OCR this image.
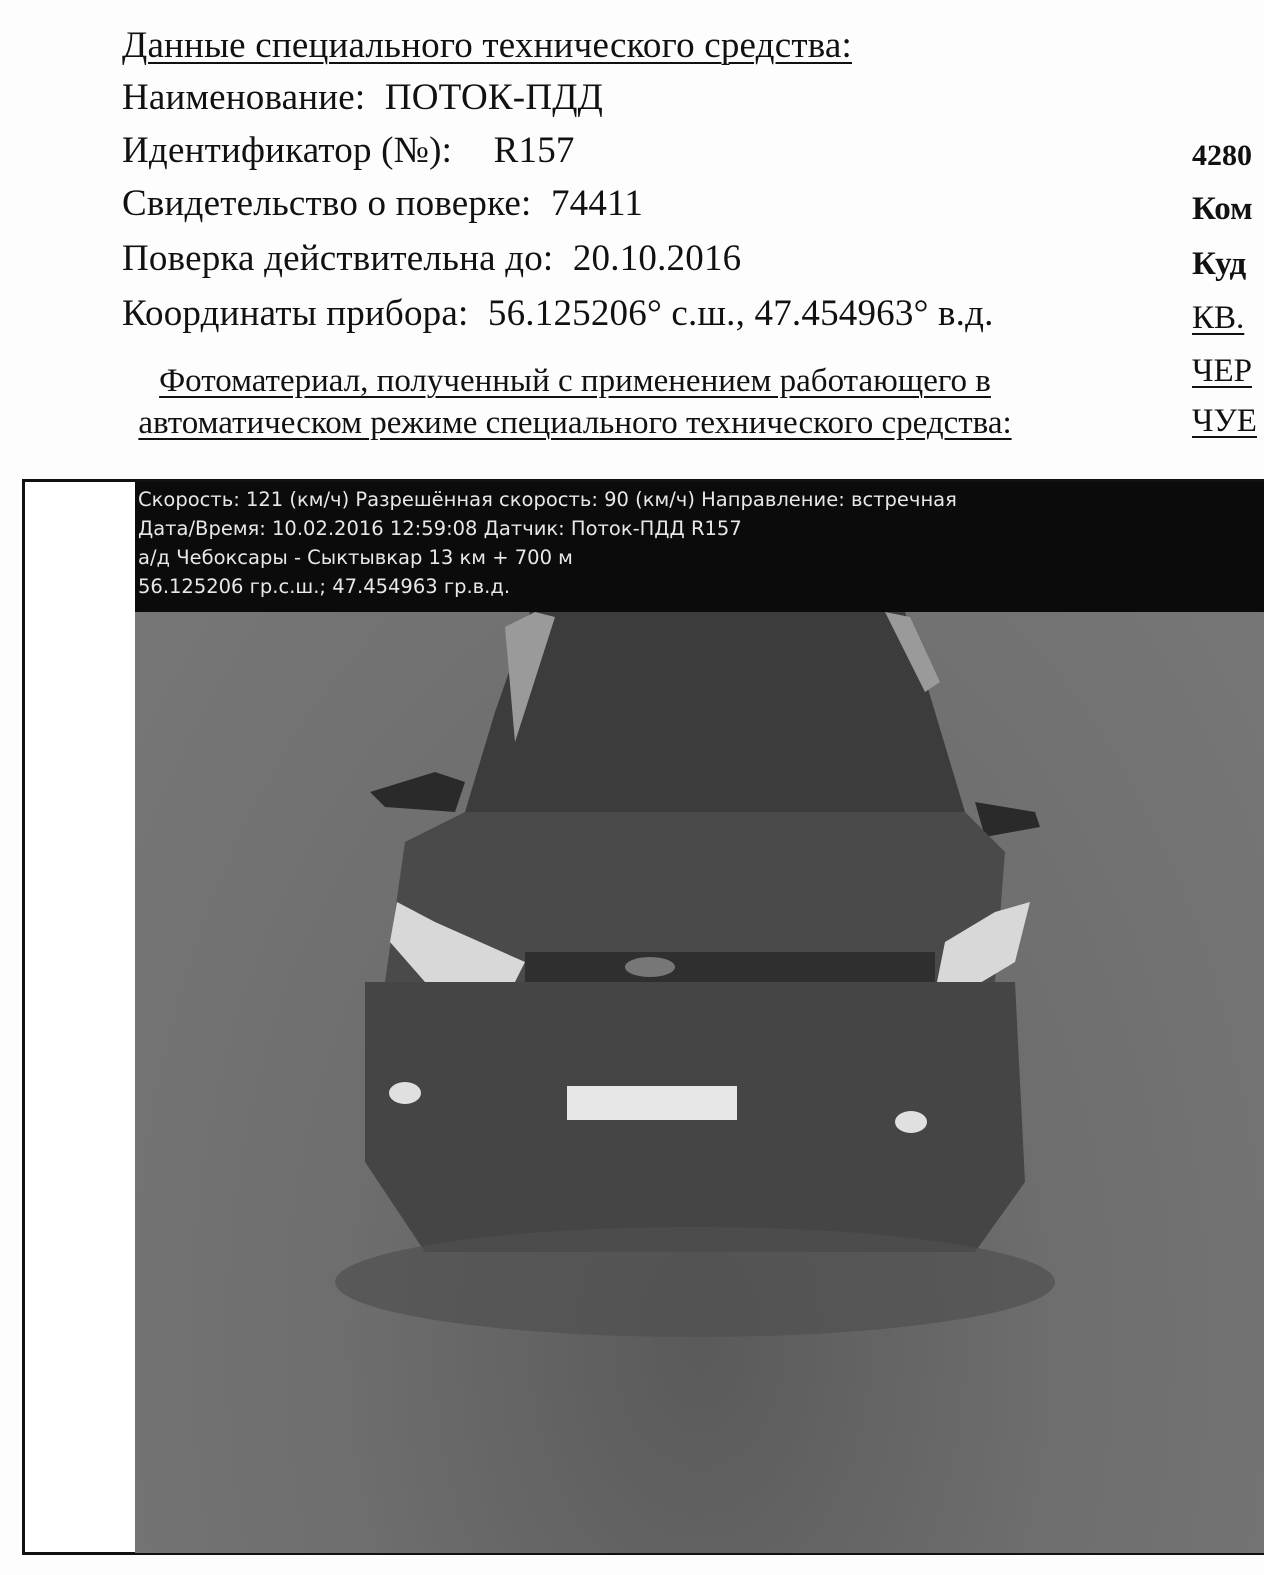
Данные специального технического средства:
Наименование: ПОТОК-ПДД
Идентификатор (№): R157
Свидетельство о поверке: 74411
Поверка действительна до: 20.10.2016
Координаты прибора: 56.125206° с.ш., 47.454963° в.д.
Фотоматериал, полученный с применением работающего в
автоматическом режиме специального технического средства:
4280
Ком
Куд
КВ.
ЧЕР
ЧУЕ
Скорость: 121 (км/ч) Разрешённая скорость: 90 (км/ч) Направление: встречная
Дата/Время: 10.02.2016 12:59:08 Датчик: Поток-ПДД R157
а/д Чебоксары - Сыктывкар 13 км + 700 м
56.125206 гр.с.ш.; 47.454963 гр.в.д.
